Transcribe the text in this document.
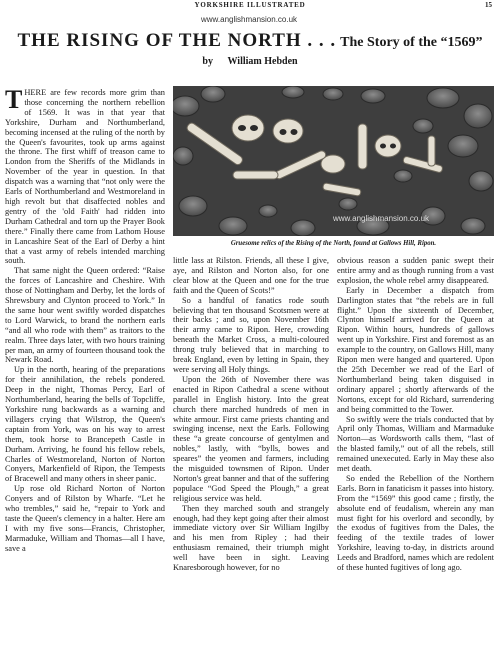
YORKSHIRE ILLUSTRATED	15
www.anglishmansion.co.uk
THE RISING OF THE NORTH . . . The Story of the “1569”
by William Hebden

THERE are few records more grim than those concerning the northern rebellion of 1569. It was in that year that Yorkshire, Durham and Northumberland, becoming incensed at the ruling of the north by the Queen's favourites, took up arms against the throne. The first whiff of treason came to London from the Sheriffs of the Midlands in November of the year in question. In that dispatch was a warning that “not only were the Earls of Northumberland and Westmoreland in high revolt but that disaffected nobles and gentry of the 'old Faith' had ridden into Durham Cathedral and torn up the Prayer Book there.” Finally there came from Lathom House in Lancashire Seat of the Earl of Derby a hint that a vast army of rebels intended marching south.

That same night the Queen ordered: “Raise the forces of Lancashire and Cheshire. With those of Nottingham and Derby, let the lords of Shrewsbury and Clynton proceed to York.” In the same hour went swiftly worded dispatches to Lord Warwick, to brand the northern earls “and all who rode with them” as traitors to the realm. Three days later, with two hours training per man, an army of fourteen thousand took the Newark Road.

Up in the north, hearing of the preparations for their annihilation, the rebels pondered. Deep in the night, Thomas Percy, Earl of Northumberland, hearing the bells of Topcliffe, Yorkshire rung backwards as a warning and villagers crying that Wilstrop, the Queen's captain from York, was on his way to arrest them, took horse to Brancepeth Castle in Durham. Arriving, he found his fellow rebels, Charles of Westmoreland, Norton of Norton Conyers, Markenfield of Ripon, the Tempests of Bracewell and many others in sheer panic.

Up rose old Richard Norton of Norton Conyers and of Rilston by Wharfe. “Let he who trembles,” said he, “repair to York and taste the Queen's clemency in a halter. Here am I with my five sons—Francis, Christopher, Marmaduke, William and Thomas—all I have, save a

www.anglishmansion.co.uk
Gruesome relics of the Rising of the North, found at Gallows Hill, Ripon.

little lass at Rilston. Friends, all these I give, aye, and Rilston and Norton also, for one clear blow at the Queen and one for the true faith and the Queen of Scots!”

So a handful of fanatics rode south believing that ten thousand Scotsmen were at their backs ; and so, upon November 16th their army came to Ripon. Here, crowding beneath the Market Cross, a multi-coloured throng truly believed that in marching to break England, even by letting in Spain, they were serving all Holy things.

Upon the 26th of November there was enacted in Ripon Cathedral a scene without parallel in English history. Into the great church there marched hundreds of men in white armour. First came priests chanting and swinging incense, next the Earls. Following these “a greate concourse of gentylmen and nobles,” lastly, with “bylls, bowes and speares” the yeomen and farmers, including the misguided townsmen of Ripon. Under Norton's great banner and that of the suffering populace “God Speed the Plough,” a great religious service was held.

Then they marched south and strangely enough, had they kept going after their almost immediate victory over Sir William Ingilby and his men from Ripley ; had their enthusiasm remained, their triumph might well have been in sight. Leaving Knaresborough however, for no

obvious reason a sudden panic swept their entire army and as though running from a vast explosion, the whole rebel army disappeared.

Early in December a dispatch from Darlington states that “the rebels are in full flight.” Upon the sixteenth of December, Clynton himself arrived for the Queen at Ripon. Within hours, hundreds of gallows went up in Yorkshire. First and foremost as an example to the country, on Gallows Hill, many Ripon men were hanged and quartered. Upon the 25th December we read of the Earl of Northumberland being taken disguised in ordinary apparel ; shortly afterwards of the Nortons, except for old Richard, surrendering and being committed to the Tower.

So swiftly were the trials conducted that by April only Thomas, William and Marmaduke Norton—as Wordsworth calls them, “last of the blasted family,” out of all the rebels, still remained unexecuted. Early in May these also met death.

So ended the Rebellion of the Northern Earls. Born in fanaticism it passes into history. From the “1569” this good came ; firstly, the absolute end of feudalism, wherein any man must fight for his overlord and secondly, by the exodus of fugitives from the Dales, the feeding of the textile trades of lower Yorkshire, leaving to-day, in districts around Leeds and Bradford, names which are redolent of these hunted fugitives of long ago.
